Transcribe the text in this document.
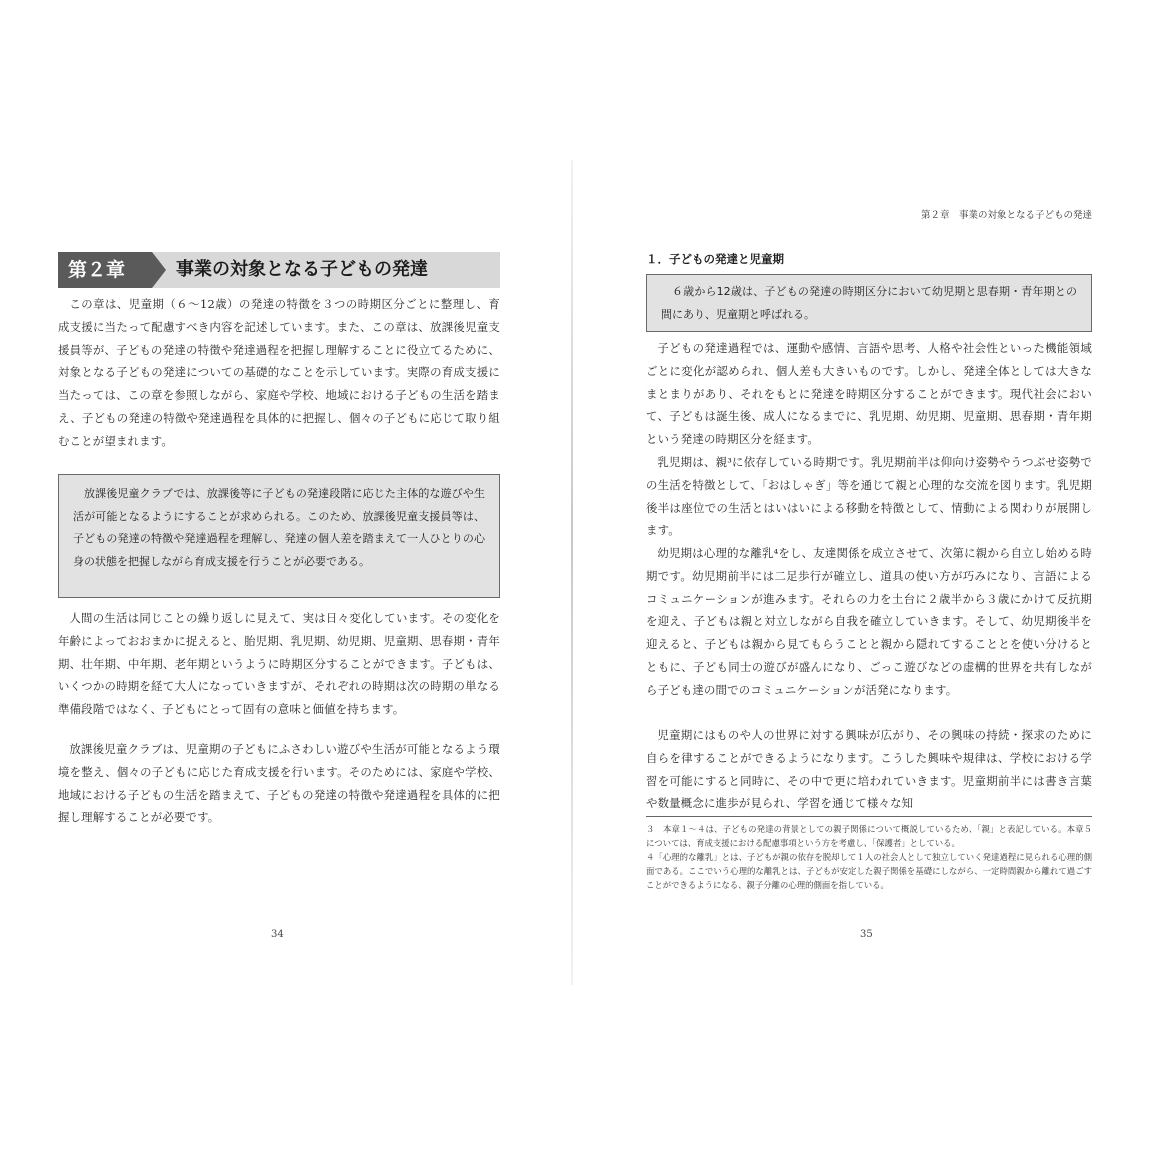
第２章	事業の対象となる子どもの発達

この章は、児童期（６～12歳）の発達の特徴を３つの時期区分ごとに整理し、育成支援に当たって配慮すべき内容を記述しています。また、この章は、放課後児童支援員等が、子どもの発達の特徴や発達過程を把握し理解することに役立てるために、対象となる子どもの発達についての基礎的なことを示しています。実際の育成支援に当たっては、この章を参照しながら、家庭や学校、地域における子どもの生活を踏まえ、子どもの発達の特徴や発達過程を具体的に把握し、個々の子どもに応じて取り組むことが望まれます。

放課後児童クラブでは、放課後等に子どもの発達段階に応じた主体的な遊びや生活が可能となるようにすることが求められる。このため、放課後児童支援員等は、子どもの発達の特徴や発達過程を理解し、発達の個人差を踏まえて一人ひとりの心身の状態を把握しながら育成支援を行うことが必要である。

人間の生活は同じことの繰り返しに見えて、実は日々変化しています。その変化を年齢によっておおまかに捉えると、胎児期、乳児期、幼児期、児童期、思春期・青年期、壮年期、中年期、老年期というように時期区分することができます。子どもは、いくつかの時期を経て大人になっていきますが、それぞれの時期は次の時期の単なる準備段階ではなく、子どもにとって固有の意味と価値を持ちます。

放課後児童クラブは、児童期の子どもにふさわしい遊びや生活が可能となるよう環境を整え、個々の子どもに応じた育成支援を行います。そのためには、家庭や学校、地域における子どもの生活を踏まえて、子どもの発達の特徴や発達過程を具体的に把握し理解することが必要です。

34
第２章　事業の対象となる子どもの発達
１．子どもの発達と児童期

６歳から12歳は、子どもの発達の時期区分において幼児期と思春期・青年期との間にあり、児童期と呼ばれる。

子どもの発達過程では、運動や感情、言語や思考、人格や社会性といった機能領域ごとに変化が認められ、個人差も大きいものです。しかし、発達全体としては大きなまとまりがあり、それをもとに発達を時期区分することができます。現代社会において、子どもは誕生後、成人になるまでに、乳児期、幼児期、児童期、思春期・青年期という発達の時期区分を経ます。

乳児期は、親³に依存している時期です。乳児期前半は仰向け姿勢やうつぶせ姿勢での生活を特徴として、「おはしゃぎ」等を通じて親と心理的な交流を図ります。乳児期後半は座位での生活とはいはいによる移動を特徴として、情動による関わりが展開します。

幼児期は心理的な離乳⁴をし、友達関係を成立させて、次第に親から自立し始める時期です。幼児期前半には二足歩行が確立し、道具の使い方が巧みになり、言語によるコミュニケーションが進みます。それらの力を土台に２歳半から３歳にかけて反抗期を迎え、子どもは親と対立しながら自我を確立していきます。そして、幼児期後半を迎えると、子どもは親から見てもらうことと親から隠れてすることとを使い分けるとともに、子ども同士の遊びが盛んになり、ごっこ遊びなどの虚構的世界を共有しながら子ども達の間でのコミュニケーションが活発になります。

児童期にはものや人の世界に対する興味が広がり、その興味の持続・探求のために自らを律することができるようになります。こうした興味や規律は、学校における学習を可能にすると同時に、その中で更に培われていきます。児童期前半には書き言葉や数量概念に進歩が見られ、学習を通じて様々な知

３　本章１～４は、子どもの発達の背景としての親子関係について概説しているため、「親」と表記している。本章５については、育成支援における配慮事項という方を考慮し、「保護者」としている。

４「心理的な離乳」とは、子どもが親の依存を脱却して１人の社会人として独立していく発達過程に見られる心理的側面である。ここでいう心理的な離乳とは、子どもが安定した親子関係を基礎にしながら、一定時間親から離れて過ごすことができるようになる、親子分離の心理的側面を指している。

35
